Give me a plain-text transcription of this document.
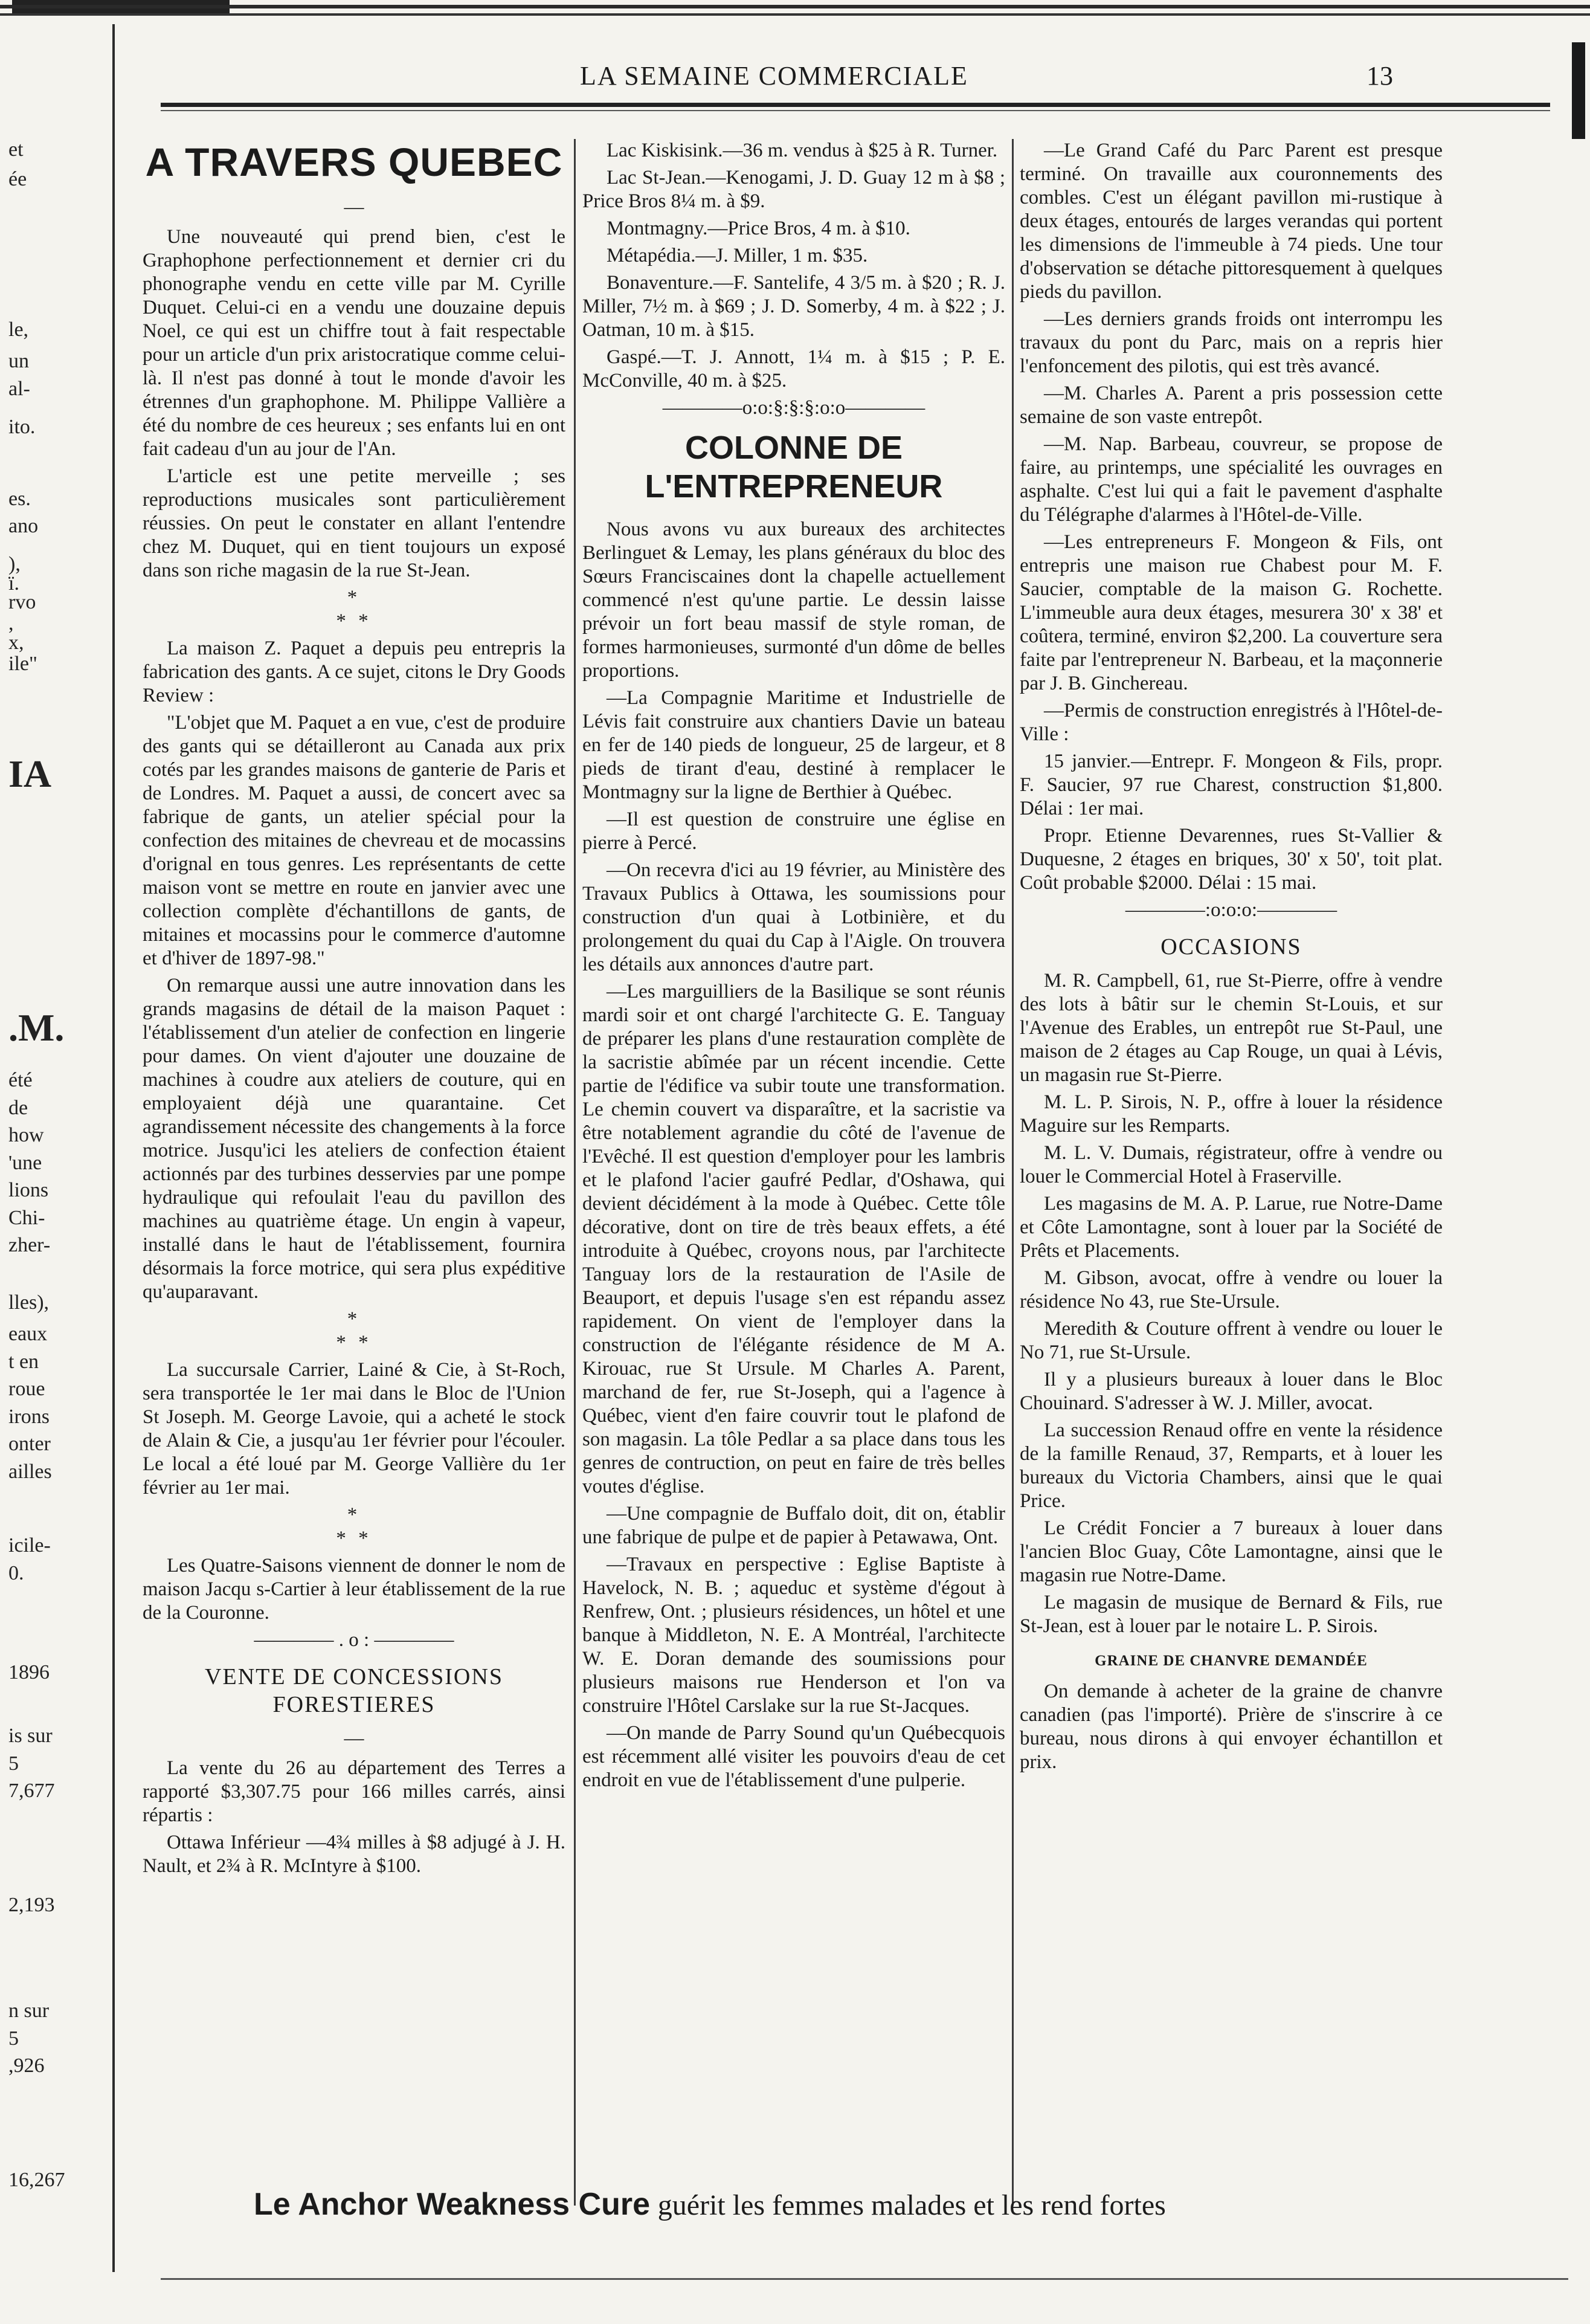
et
ée
le,
un
al-
ito.
es.
ano
),
ï.
rvo
,
x,
ile"
IA
.M.
été
de
how
'une
lions
Chi-
zher-
lles),
eaux
t en
roue
irons
onter
ailles
icile-
0.
1896
is sur
5
7,677
2,193
n sur
5
,926
16,267
LA SEMAINE COMMERCIALE	13
A TRAVERS QUEBEC
—

Une nouveauté qui prend bien, c'est le Graphophone perfectionnement et dernier cri du phonographe vendu en cette ville par M. Cyrille Duquet. Celui-ci en a vendu une douzaine depuis Noel, ce qui est un chiffre tout à fait respectable pour un article d'un prix aristocratique comme celui-là. Il n'est pas donné à tout le monde d'avoir les étrennes d'un graphophone. M. Philippe Vallière a été du nombre de ces heureux ; ses enfants lui en ont fait cadeau d'un au jour de l'An.

L'article est une petite merveille ; ses reproductions musicales sont particulièrement réussies. On peut le constater en allant l'entendre chez M. Duquet, qui en tient toujours un exposé dans son riche magasin de la rue St-Jean.

*
* *

La maison Z. Paquet a depuis peu entrepris la fabrication des gants. A ce sujet, citons le Dry Goods Review :

"L'objet que M. Paquet a en vue, c'est de produire des gants qui se détailleront au Canada aux prix cotés par les grandes maisons de ganterie de Paris et de Londres. M. Paquet a aussi, de concert avec sa fabrique de gants, un atelier spécial pour la confection des mitaines de chevreau et de mocassins d'orignal en tous genres. Les représentants de cette maison vont se mettre en route en janvier avec une collection complète d'échantillons de gants, de mitaines et mocassins pour le commerce d'automne et d'hiver de 1897-98."

On remarque aussi une autre innovation dans les grands magasins de détail de la maison Paquet : l'établissement d'un atelier de confection en lingerie pour dames. On vient d'ajouter une douzaine de machines à coudre aux ateliers de couture, qui en employaient déjà une quarantaine. Cet agrandissement nécessite des changements à la force motrice. Jusqu'ici les ateliers de confection étaient actionnés par des turbines desservies par une pompe hydraulique qui refoulait l'eau du pavillon des machines au quatrième étage. Un engin à vapeur, installé dans le haut de l'établissement, fournira désormais la force motrice, qui sera plus expéditive qu'auparavant.

*
* *

La succursale Carrier, Lainé & Cie, à St-Roch, sera transportée le 1er mai dans le Bloc de l'Union St Joseph. M. George Lavoie, qui a acheté le stock de Alain & Cie, a jusqu'au 1er février pour l'écouler. Le local a été loué par M. George Vallière du 1er février au 1er mai.

*
* *

Les Quatre-Saisons viennent de donner le nom de maison Jacqu s-Cartier à leur établissement de la rue de la Couronne.

———— . o : ————

VENTE DE CONCESSIONS FORESTIERES
—

La vente du 26 au département des Terres a rapporté $3,307.75 pour 166 milles carrés, ainsi répartis :

Ottawa Inférieur —4¾ milles à $8 adjugé à J. H. Nault, et 2¾ à R. McIntyre à $100.

Lac Kiskisink.—36 m. vendus à $25 à R. Turner.

Lac St-Jean.—Kenogami, J. D. Guay 12 m à $8 ; Price Bros 8¼ m. à $9.

Montmagny.—Price Bros, 4 m. à $10.

Métapédia.—J. Miller, 1 m. $35.

Bonaventure.—F. Santelife, 4 3/5 m. à $20 ; R. J. Miller, 7½ m. à $69 ; J. D. Somerby, 4 m. à $22 ; J. Oatman, 10 m. à $15.

Gaspé.—T. J. Annott, 1¼ m. à $15 ; P. E. McConville, 40 m. à $25.

————o:o:§:§:§:o:o————

COLONNE DE L'ENTREPRENEUR

Nous avons vu aux bureaux des architectes Berlinguet & Lemay, les plans généraux du bloc des Sœurs Franciscaines dont la chapelle actuellement commencé n'est qu'une partie. Le dessin laisse prévoir un fort beau massif de style roman, de formes harmonieuses, surmonté d'un dôme de belles proportions.

—La Compagnie Maritime et Industrielle de Lévis fait construire aux chantiers Davie un bateau en fer de 140 pieds de longueur, 25 de largeur, et 8 pieds de tirant d'eau, destiné à remplacer le Montmagny sur la ligne de Berthier à Québec.

—Il est question de construire une église en pierre à Percé.

—On recevra d'ici au 19 février, au Ministère des Travaux Publics à Ottawa, les soumissions pour construction d'un quai à Lotbinière, et du prolongement du quai du Cap à l'Aigle. On trouvera les détails aux annonces d'autre part.

—Les marguilliers de la Basilique se sont réunis mardi soir et ont chargé l'architecte G. E. Tanguay de préparer les plans d'une restauration complète de la sacristie abîmée par un récent incendie. Cette partie de l'édifice va subir toute une transformation. Le chemin couvert va disparaître, et la sacristie va être notablement agrandie du côté de l'avenue de l'Evêché. Il est question d'employer pour les lambris et le plafond l'acier gaufré Pedlar, d'Oshawa, qui devient décidément à la mode à Québec. Cette tôle décorative, dont on tire de très beaux effets, a été introduite à Québec, croyons nous, par l'architecte Tanguay lors de la restauration de l'Asile de Beauport, et depuis l'usage s'en est répandu assez rapidement. On vient de l'employer dans la construction de l'élégante résidence de M A. Kirouac, rue St Ursule. M Charles A. Parent, marchand de fer, rue St-Joseph, qui a l'agence à Québec, vient d'en faire couvrir tout le plafond de son magasin. La tôle Pedlar a sa place dans tous les genres de contruction, on peut en faire de très belles voutes d'église.

—Une compagnie de Buffalo doit, dit on, établir une fabrique de pulpe et de papier à Petawawa, Ont.

—Travaux en perspective : Eglise Baptiste à Havelock, N. B. ; aqueduc et système d'égout à Renfrew, Ont. ; plusieurs résidences, un hôtel et une banque à Middleton, N. E. A Montréal, l'architecte W. E. Doran demande des soumissions pour plusieurs maisons rue Henderson et l'on va construire l'Hôtel Carslake sur la rue St-Jacques.

—On mande de Parry Sound qu'un Québecquois est récemment allé visiter les pouvoirs d'eau de cet endroit en vue de l'établissement d'une pulperie.

—Le Grand Café du Parc Parent est presque terminé. On travaille aux couronnements des combles. C'est un élégant pavillon mi-rustique à deux étages, entourés de larges verandas qui portent les dimensions de l'immeuble à 74 pieds. Une tour d'observation se détache pittoresquement à quelques pieds du pavillon.

—Les derniers grands froids ont interrompu les travaux du pont du Parc, mais on a repris hier l'enfoncement des pilotis, qui est très avancé.

—M. Charles A. Parent a pris possession cette semaine de son vaste entrepôt.

—M. Nap. Barbeau, couvreur, se propose de faire, au printemps, une spécialité les ouvrages en asphalte. C'est lui qui a fait le pavement d'asphalte du Télégraphe d'alarmes à l'Hôtel-de-Ville.

—Les entrepreneurs F. Mongeon & Fils, ont entrepris une maison rue Chabest pour M. F. Saucier, comptable de la maison G. Rochette. L'immeuble aura deux étages, mesurera 30' x 38' et coûtera, terminé, environ $2,200. La couverture sera faite par l'entrepreneur N. Barbeau, et la maçonnerie par J. B. Ginchereau.

—Permis de construction enregistrés à l'Hôtel-de-Ville :

15 janvier.—Entrepr. F. Mongeon & Fils, propr. F. Saucier, 97 rue Charest, construction $1,800. Délai : 1er mai.

Propr. Etienne Devarennes, rues St-Vallier & Duquesne, 2 étages en briques, 30' x 50', toit plat. Coût probable $2000. Délai : 15 mai.

————:o:o:o:————

OCCASIONS

M. R. Campbell, 61, rue St-Pierre, offre à vendre des lots à bâtir sur le chemin St-Louis, et sur l'Avenue des Erables, un entrepôt rue St-Paul, une maison de 2 étages au Cap Rouge, un quai à Lévis, un magasin rue St-Pierre.

M. L. P. Sirois, N. P., offre à louer la résidence Maguire sur les Remparts.

M. L. V. Dumais, régistrateur, offre à vendre ou louer le Commercial Hotel à Fraserville.

Les magasins de M. A. P. Larue, rue Notre-Dame et Côte Lamontagne, sont à louer par la Société de Prêts et Placements.

M. Gibson, avocat, offre à vendre ou louer la résidence No 43, rue Ste-Ursule.

Meredith & Couture offrent à vendre ou louer le No 71, rue St-Ursule.

Il y a plusieurs bureaux à louer dans le Bloc Chouinard. S'adresser à W. J. Miller, avocat.

La succession Renaud offre en vente la résidence de la famille Renaud, 37, Remparts, et à louer les bureaux du Victoria Chambers, ainsi que le quai Price.

Le Crédit Foncier a 7 bureaux à louer dans l'ancien Bloc Guay, Côte Lamontagne, ainsi que le magasin rue Notre-Dame.

Le magasin de musique de Bernard & Fils, rue St-Jean, est à louer par le notaire L. P. Sirois.

GRAINE DE CHANVRE DEMANDÉE

On demande à acheter de la graine de chanvre canadien (pas l'importé). Prière de s'inscrire à ce bureau, nous dirons à qui envoyer échantillon et prix.

Le Anchor Weakness Cure guérit les femmes malades et les rend fortes
